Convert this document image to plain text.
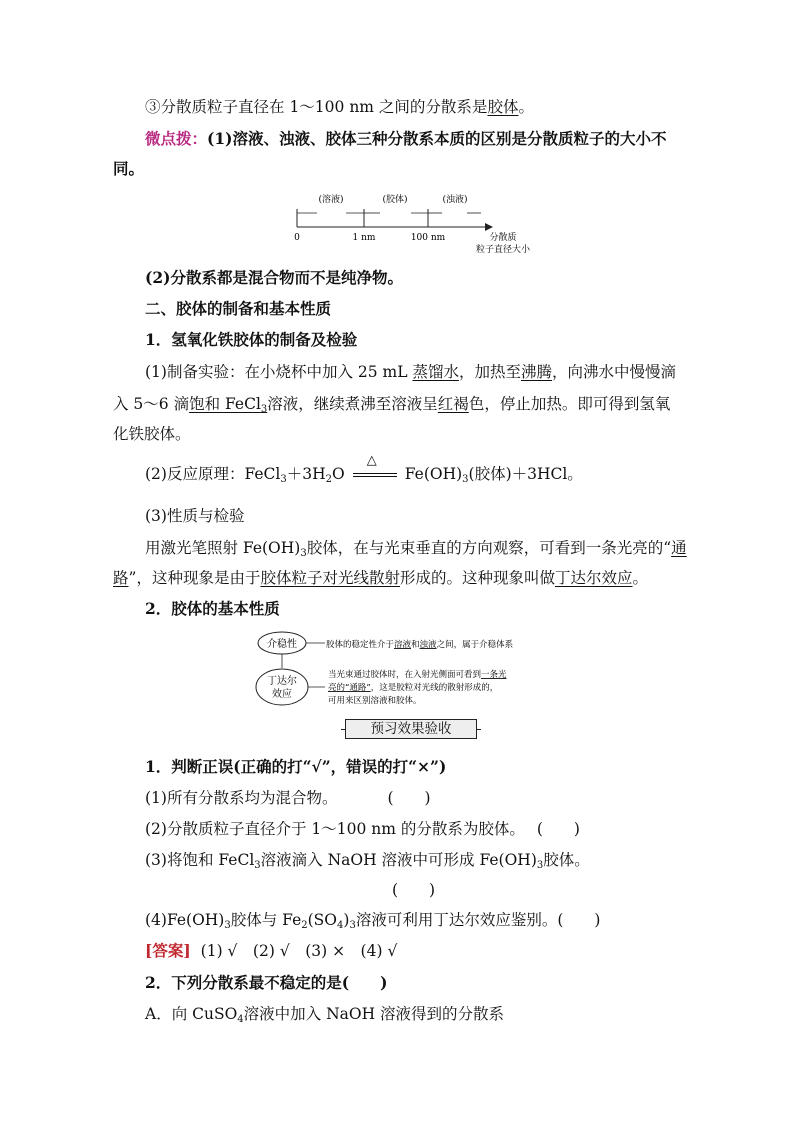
③分散质粒子直径在 1～100 nm 之间的分散系是胶体。
微点拨：(1)溶液、浊液、胶体三种分散系本质的区别是分散质粒子的大小不
同。
(溶液)	(胶体)	(浊液)
0	1 nm	100 nm	分散质
粒子直径大小
(2)分散系都是混合物而不是纯净物。
二、胶体的制备和基本性质
1．氢氧化铁胶体的制备及检验
(1)制备实验：在小烧杯中加入 25 mL 蒸馏水，加热至沸腾，向沸水中慢慢滴
入 5～6 滴饱和 FeCl$_3$溶液，继续煮沸至溶液呈红褐色，停止加热。即可得到氢氧
化铁胶体。
(2)反应原理：$FeCl_3+3H_2O$
△
$Fe(OH)_3$(胶体)＋3HCl。
(3)性质与检验
用激光笔照射 $Fe(OH)_3$胶体，在与光束垂直的方向观察，可看到一条光亮的“通
路”，这种现象是由于胶体粒子对光线散射形成的。这种现象叫做丁达尔效应。
2．胶体的基本性质
介稳性
丁达尔
效应
胶体的稳定性介于溶液和浊液之间，属于介稳体系
当光束通过胶体时，在入射光侧面可看到一条光
亮的“通路”，这是胶粒对光线的散射形成的，
可用来区别溶液和胶体。
预习效果验收
1．判断正误(正确的打“√”，错误的打“×”)
(1)所有分散系均为混合物。	(　　)
(2)分散质粒子直径介于 1～100 nm 的分散系为胶体。 (　　)
(3)将饱和 FeCl$_3$溶液滴入 NaOH 溶液中可形成 $Fe(OH)_3$胶体。
(　　)
$(4)Fe(OH)_3$胶体与 $Fe_2(SO_4)_3$溶液可利用丁达尔效应鉴别。(　　)
[答案] (1) √　(2) √　(3) ×　(4) √
2．下列分散系最不稳定的是(　　)
A．向 CuSO$_4$溶液中加入 NaOH 溶液得到的分散系
